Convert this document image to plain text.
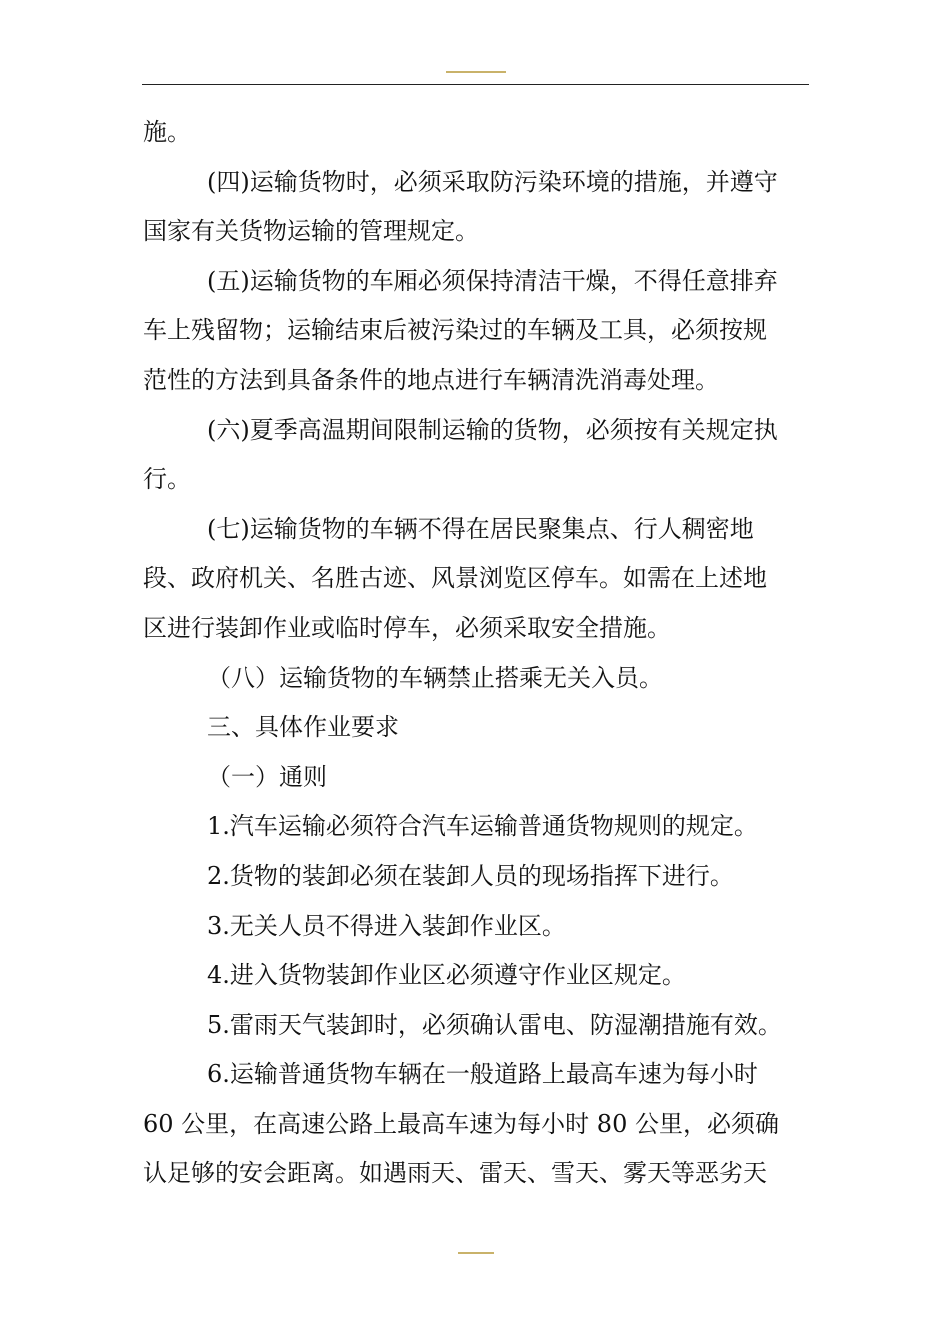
施。
(四)运输货物时，必须采取防污染环境的措施，并遵守
国家有关货物运输的管理规定。
(五)运输货物的车厢必须保持清洁干燥，不得任意排弃
车上残留物；运输结束后被污染过的车辆及工具，必须按规
范性的方法到具备条件的地点进行车辆清洗消毒处理。
(六)夏季高温期间限制运输的货物，必须按有关规定执
行。
(七)运输货物的车辆不得在居民聚集点、行人稠密地
段、政府机关、名胜古迹、风景浏览区停车。如需在上述地
区进行装卸作业或临时停车，必须采取安全措施。
（八）运输货物的车辆禁止搭乘无关入员。
三、具体作业要求
（一）通则
1.汽车运输必须符合汽车运输普通货物规则的规定。
2.货物的装卸必须在装卸人员的现场指挥下进行。
3.无关人员不得进入装卸作业区。
4.进入货物装卸作业区必须遵守作业区规定。
5.雷雨天气装卸时，必须确认雷电、防湿潮措施有效。
6.运输普通货物车辆在一般道路上最高车速为每小时
60 公里，在高速公路上最高车速为每小时 80 公里，必须确
认足够的安会距离。如遇雨天、雷天、雪天、雾天等恶劣天
